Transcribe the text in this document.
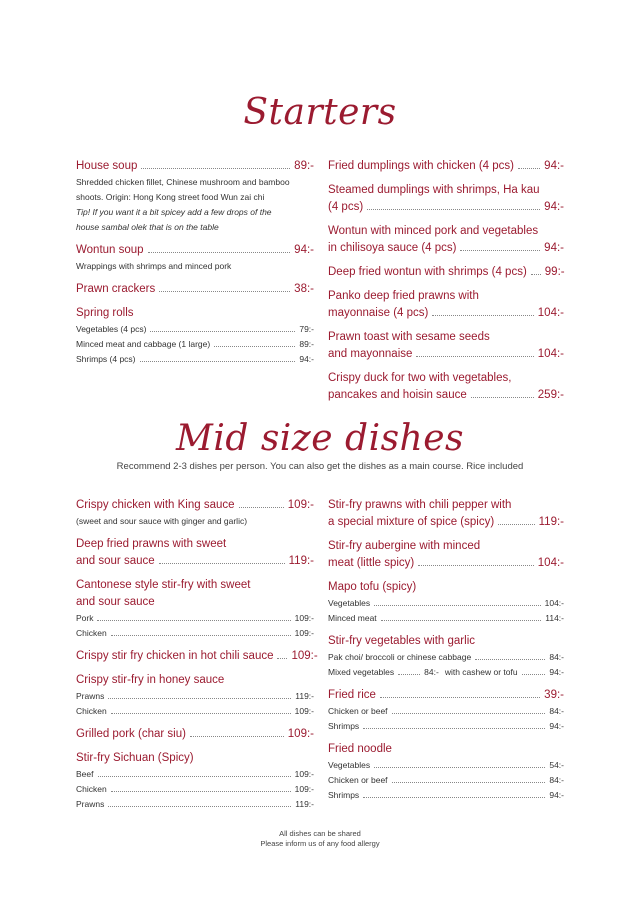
Starters
House soup	89:-
Shredded chicken fillet, Chinese mushroom and bamboo
shoots. Origin: Hong Kong street food Wun zai chi
Tip! If you want it a bit spicey add a few drops of the
house sambal olek that is on the table
Wontun soup	94:-
Wrappings with shrimps and minced pork
Prawn crackers	38:-
Spring rolls
Vegetables (4 pcs)	79:-
Minced meat and cabbage (1 large)	89:-
Shrimps (4 pcs)	94:-
Fried dumplings with chicken (4 pcs)	94:-
Steamed dumplings with shrimps, Ha kau
(4 pcs)	94:-
Wontun with minced pork and vegetables
in chilisoya sauce (4 pcs)	94:-
Deep fried wontun with shrimps (4 pcs) 99:-
Panko deep fried prawns with
mayonnaise (4 pcs)	104:-
Prawn toast with sesame seeds
and mayonnaise	104:-
Crispy duck for two with vegetables,
pancakes and hoisin sauce	259:-
Mid size dishes
Recommend 2-3 dishes per person. You can also get the dishes as a main course. Rice included
Crispy chicken with King sauce	109:-
(sweet and sour sauce with ginger and garlic)
Deep fried prawns with sweet
and sour sauce	119:-
Cantonese style stir-fry with sweet
and sour sauce
Pork	109:-
Chicken	109:-
Crispy stir fry chicken in hot chili sauce 109:-
Crispy stir-fry in honey sauce
Prawns	119:-
Chicken	109:-
Grilled pork (char siu)	109:-
Stir-fry Sichuan (Spicy)
Beef	109:-
Chicken	109:-
Prawns	119:-
Stir-fry prawns with chili pepper with
a special mixture of spice (spicy)	119:-
Stir-fry aubergine with minced
meat (little spicy)	104:-
Mapo tofu (spicy)
Vegetables	104:-
Minced meat	114:-
Stir-fry vegetables with garlic
Pak choi/ broccoli or chinese cabbage	84:-
Mixed vegetables	84:- with cashew or tofu	94:-
Fried rice	39:-
Chicken or beef	84:-
Shrimps	94:-
Fried noodle
Vegetables	54:-
Chicken or beef	84:-
Shrimps	94:-
All dishes can be shared
Please inform us of any food allergy
